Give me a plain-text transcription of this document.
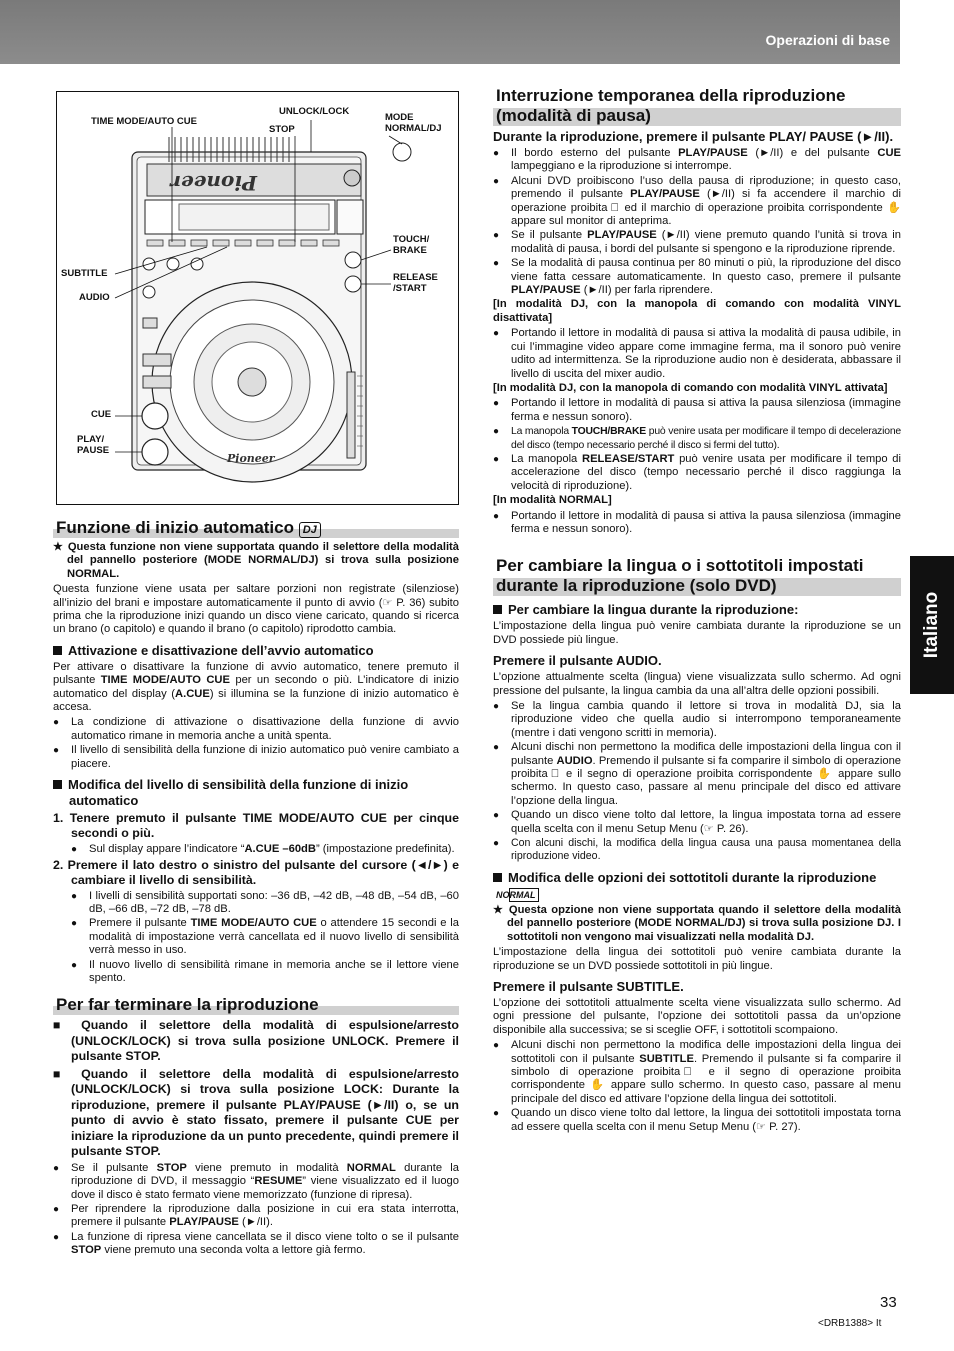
Operazioni di base
Italiano
Pioneer
Pioneer
TIME MODE/AUTO CUE
UNLOCK/LOCK
STOP
MODE
NORMAL/DJ
TOUCH/
BRAKE
SUBTITLE	RELEASE
/START
AUDIO
CUE
PLAY/
PAUSE
Funzione di inizio automatico DJ

★ Questa funzione non viene supportata quando il selettore della modalità del pannello posteriore (MODE NORMAL/DJ) si trova sulla posizione NORMAL.

Questa funzione viene usata per saltare porzioni non registrate (silenziose) all’inizio del brani e impostare automaticamente il punto di avvio (☞ P. 36) subito prima che la riproduzione inizi quando un disco viene caricato, quando si ricerca un brano (o capitolo) e quando il brano (o capitolo) riprodotto cambia.

Attivazione e disattivazione dell’avvio automatico

Per attivare o disattivare la funzione di avvio automatico, tenere premuto il pulsante TIME MODE/AUTO CUE per un secondo o più. L’indicatore di inizio automatico del display (A.CUE) si illumina se la funzione di inizio automatico è accesa.

● La condizione di attivazione o disattivazione della funzione di avvio automatico rimane in memoria anche a unità spenta.
● Il livello di sensibilità della funzione di inizio automatico può venire cambiato a piacere.
Modifica del livello di sensibilità della funzione di inizio automatico

1. Tenere premuto il pulsante TIME MODE/AUTO CUE per cinque secondi o più.

● Sul display appare l’indicatore “A.CUE –60dB” (impostazione predefinita).

2. Premere il lato destro o sinistro del pulsante del cursore (◄/►) e cambiare il livello di sensibilità.

● I livelli di sensibilità supportati sono: –36 dB, –42 dB, –48 dB, –54 dB, –60 dB, –66 dB, –72 dB, –78 dB.
● Premere il pulsante TIME MODE/AUTO CUE o attendere 15 secondi e la modalità di impostazione verrà cancellata ed il nuovo livello di sensibilità verrà messo in uso.
● Il nuovo livello di sensibilità rimane in memoria anche se il lettore viene spento.
Per far terminare la riproduzione

■ Quando il selettore della modalità di espulsione/arresto (UNLOCK/LOCK) si trova sulla posizione UNLOCK. Premere il pulsante STOP.

■ Quando il selettore della modalità di espulsione/arresto (UNLOCK/LOCK) si trova sulla posizione LOCK: Durante la riproduzione, premere il pulsante PLAY/PAUSE (►/II) o, se un punto di avvio è stato fissato, premere il pulsante CUE per iniziare la riproduzione da un punto precedente, quindi premere il pulsante STOP.

● Se il pulsante STOP viene premuto in modalità NORMAL durante la riproduzione di DVD, il messaggio “RESUME” viene visualizzato ed il luogo dove il disco è stato fermato viene memorizzato (funzione di ripresa).
● Per riprendere la riproduzione dalla posizione in cui era stata interrotta, premere il pulsante PLAY/PAUSE (►/II).
● La funzione di ripresa viene cancellata se il disco viene tolto o se il pulsante STOP viene premuto una seconda volta a lettore già fermo.
Interruzione temporanea della riproduzione (modalità di pausa)
Durante la riproduzione, premere il pulsante PLAY/ PAUSE (►/II).
● Il bordo esterno del pulsante PLAY/PAUSE (►/II) e del pulsante CUE lampeggiano e la riproduzione si interrompe.
● Alcuni DVD proibiscono l’uso della pausa di riproduzione; in questo caso, premendo il pulsante PLAY/PAUSE (►/II) si fa accendere il marchio di operazione proibita ⃠ ed il marchio di operazione proibita corrispondente ✋ appare sul monitor di anteprima.
● Se il pulsante PLAY/PAUSE (►/II) viene premuto quando l’unità si trova in modalità di pausa, i bordi del pulsante si spengono e la riproduzione riprende.
● Se la modalità di pausa continua per 80 minuti o più, la riproduzione del disco viene fatta cessare automaticamente. In questo caso, premere il pulsante PLAY/PAUSE (►/II) per farla riprendere.

[In modalità DJ, con la manopola di comando con modalità VINYL disattivata]

● Portando il lettore in modalità di pausa si attiva la modalità di pausa udibile, in cui l’immagine video appare come immagine ferma, ma il sonoro può venire udito ad intermittenza. Se la riproduzione audio non è desiderata, abbassare il livello di uscita del mixer audio.

[In modalità DJ, con la manopola di comando con modalità VINYL attivata]

● Portando il lettore in modalità di pausa si attiva la pausa silenziosa (immagine ferma e nessun sonoro).
● La manopola TOUCH/BRAKE può venire usata per modificare il tempo di decelerazione del disco (tempo necessario perché il disco si fermi del tutto).
● La manopola RELEASE/START può venire usata per modificare il tempo di accelerazione del disco (tempo necessario perché il disco raggiunga la velocità di riproduzione).

[In modalità NORMAL]

● Portando il lettore in modalità di pausa si attiva la pausa silenziosa (immagine ferma e nessun sonoro).
Per cambiare la lingua o i sottotitoli impostati durante la riproduzione (solo DVD)
Per cambiare la lingua durante la riproduzione:

L’impostazione della lingua può venire cambiata durante la riproduzione se un DVD possiede più lingue.

Premere il pulsante AUDIO.

L’opzione attualmente scelta (lingua) viene visualizzata sullo schermo. Ad ogni pressione del pulsante, la lingua cambia da una all’altra delle opzioni possibili.

● Se la lingua cambia quando il lettore si trova in modalità DJ, sia la riproduzione video che quella audio si interrompono temporaneamente (mentre i dati vengono scritti in memoria).
● Alcuni dischi non permettono la modifica delle impostazioni della lingua con il pulsante AUDIO. Premendo il pulsante si fa comparire il simbolo di operazione proibita ⃠ e il segno di operazione proibita corrispondente ✋ appare sullo schermo. In questo caso, passare al menu principale del disco ed attivare l’opzione della lingua.
● Quando un disco viene tolto dal lettore, la lingua impostata torna ad essere quella scelta con il menu Setup Menu (☞ P. 26).
● Con alcuni dischi, la modifica della lingua causa una pausa momentanea della riproduzione video.
Modifica delle opzioni dei sottotitoli durante la riproduzione NORMAL

★ Questa opzione non viene supportata quando il selettore della modalità del pannello posteriore (MODE NORMAL/DJ) si trova sulla posizione DJ. I sottotitoli non vengono mai visualizzati nella modalità DJ.

L’impostazione della lingua dei sottotitoli può venire cambiata durante la riproduzione se un DVD possiede sottotitoli in più lingue.

Premere il pulsante SUBTITLE.

L’opzione dei sottotitoli attualmente scelta viene visualizzata sullo schermo. Ad ogni pressione del pulsante, l’opzione dei sottotitoli passa da un’opzione disponibile alla successiva; se si sceglie OFF, i sottotitoli scompaiono.

● Alcuni dischi non permettono la modifica delle impostazioni della lingua dei sottotitoli con il pulsante SUBTITLE. Premendo il pulsante si fa comparire il simbolo di operazione proibita ⃠ e il segno di operazione proibita corrispondente ✋ appare sullo schermo. In questo caso, passare al menu principale del disco ed attivare l’opzione della lingua dei sottotitoli.
● Quando un disco viene tolto dal lettore, la lingua dei sottotitoli impostata torna ad essere quella scelta con il menu Setup Menu (☞ P. 27).
33
<DRB1388> It
